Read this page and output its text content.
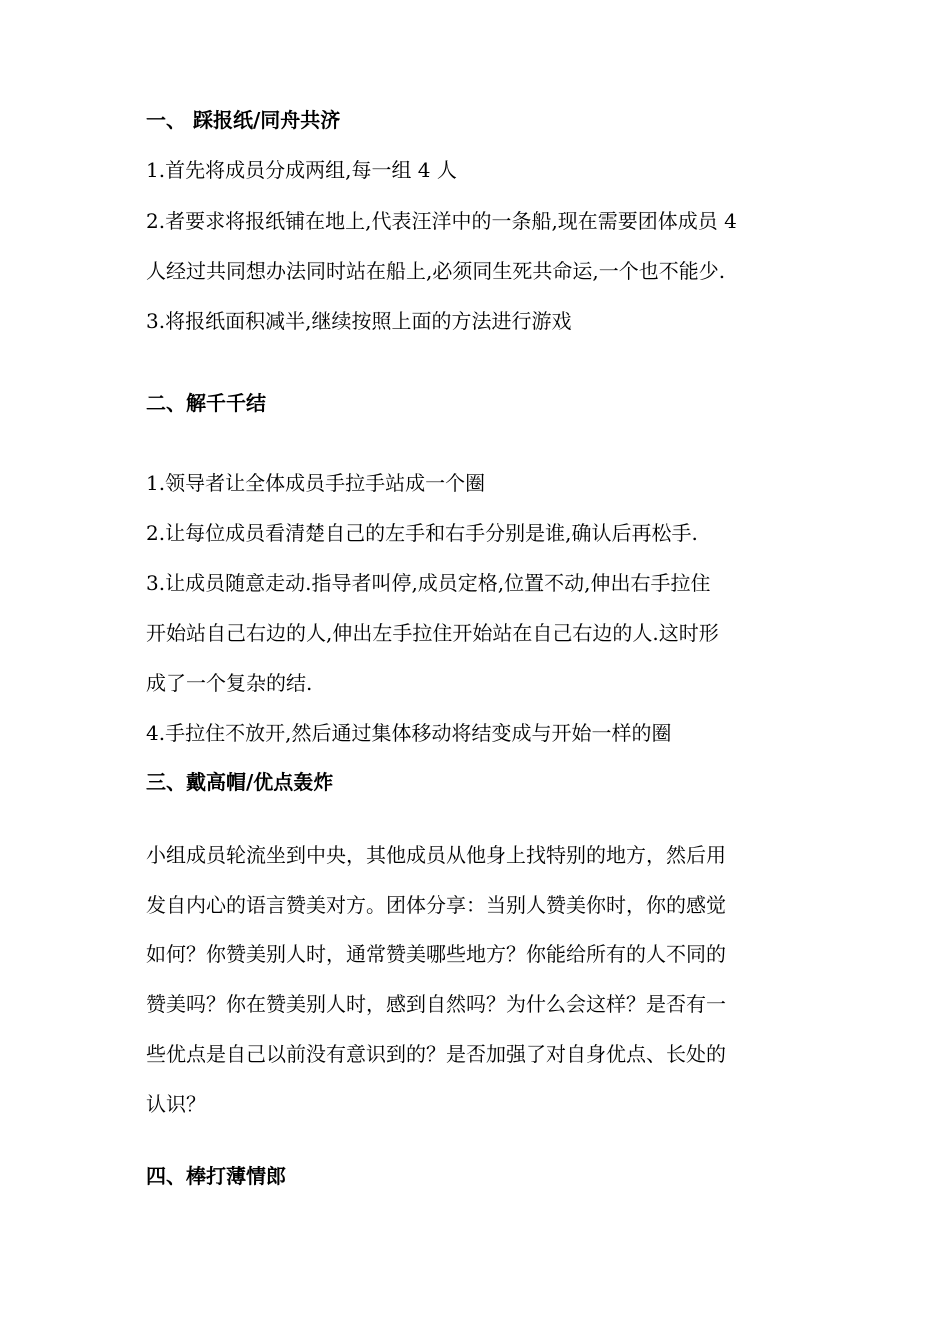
一、 踩报纸/同舟共济
1.首先将成员分成两组,每一组 4 人
2.者要求将报纸铺在地上,代表汪洋中的一条船,现在需要团体成员 4
人经过共同想办法同时站在船上,必须同生死共命运,一个也不能少.
3.将报纸面积减半,继续按照上面的方法进行游戏
二、解千千结
1.领导者让全体成员手拉手站成一个圈
2.让每位成员看清楚自己的左手和右手分别是谁,确认后再松手.
3.让成员随意走动.指导者叫停,成员定格,位置不动,伸出右手拉住
开始站自己右边的人,伸出左手拉住开始站在自己右边的人.这时形
成了一个复杂的结.
4.手拉住不放开,然后通过集体移动将结变成与开始一样的圈
三、戴高帽/优点轰炸
小组成员轮流坐到中央，其他成员从他身上找特别的地方，然后用
发自内心的语言赞美对方。团体分享：当别人赞美你时，你的感觉
如何？你赞美别人时，通常赞美哪些地方？你能给所有的人不同的
赞美吗？你在赞美别人时，感到自然吗？为什么会这样？是否有一
些优点是自己以前没有意识到的？是否加强了对自身优点、长处的
认识？
四、棒打薄情郎
